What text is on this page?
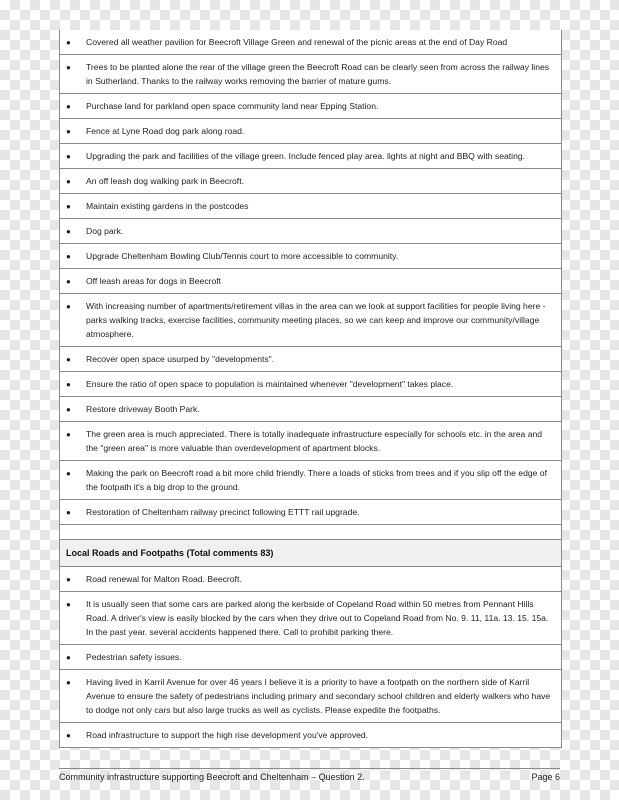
● Covered all weather pavilion for Beecroft Village Green and renewal of the picnic areas at the end of Day Road
● Trees to be planted alone the rear of the village green the Beecroft Road can be clearly seen from across the railway lines in Sutherland. Thanks to the railway works removing the barrier of mature gums.
● Purchase land for parkland open space community land near Epping Station.
● Fence at Lyne Road dog park along road.
● Upgrading the park and facilities of the village green. Include fenced play area. lights at night and BBQ with seating.
● An off leash dog walking park in Beecroft.
● Maintain existing gardens in the postcodes
● Dog park.
● Upgrade Cheltenham Bowling Club/Tennis court to more accessible to community.
● Off leash areas for dogs in Beecroft
● With increasing number of apartments/retirement villas in the area can we look at support facilities for people living here - parks walking tracks, exercise facilities, community meeting places, so we can keep and improve our community/village atmosphere.
● Recover open space usurped by "developments".
● Ensure the ratio of open space to population is maintained whenever "development" takes place.
● Restore driveway Booth Park.
● The green area is much appreciated. There is totally inadequate infrastructure especially for schools etc. in the area and the "green area" is more valuable than overdevelopment of apartment blocks.
● Making the park on Beecroft road a bit more child friendly. There a loads of sticks from trees and if you slip off the edge of the footpath it's a big drop to the ground.
● Restoration of Cheltenham railway precinct following ETTT rail upgrade.
Local Roads and Footpaths (Total comments 83)
● Road renewal for Malton Road. Beecroft.
● It is usually seen that some cars are parked along the kerbside of Copeland Road within 50 metres from Pennant Hills Road. A driver's view is easily blocked by the cars when they drive out to Copeland Road from No. 9. 11, 11a. 13. 15. 15a. In the past year. several accidents happened there. Call to prohibit parking there.
● Pedestrian safety issues.
● Having lived in Karril Avenue for over 46 years I believe it is a priority to have a footpath on the northern side of Karril Avenue to ensure the safety of pedestrians including primary and secondary school children and elderly walkers who have to dodge not only cars but also large trucks as well as cyclists. Please expedite the footpaths.
● Road infrastructure to support the high rise development you've approved.
Community infrastructure supporting Beecroft and Cheltenham – Question 2.	Page 6
